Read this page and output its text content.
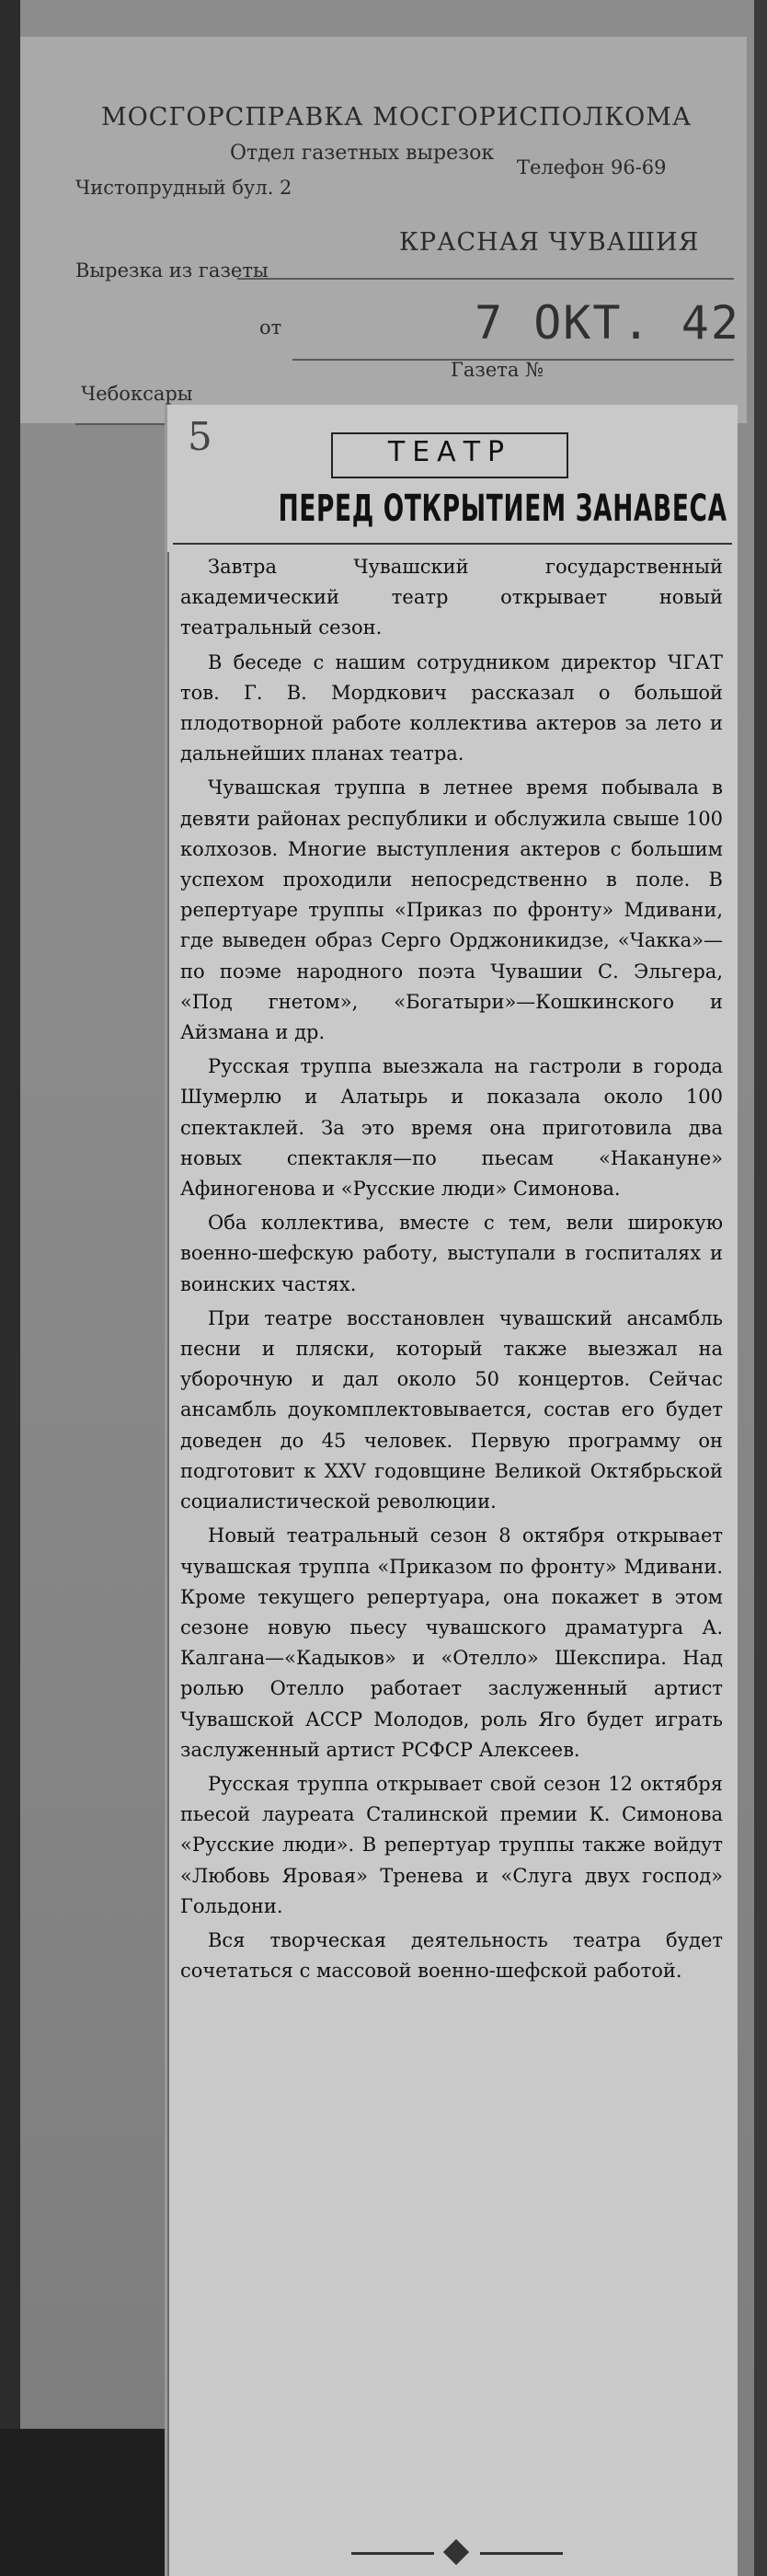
МОСГОРСПРАВКА МОСГОРИСПОЛКОМА
Отдел газетных вырезок
Телефон 96-69
Чистопрудный бул. 2
КРАСНАЯ ЧУВАШИЯ
Вырезка из газеты
7 ОКТ. 42
от
Газета №
Чебоксары
5	ТЕАТР
ПЕРЕД ОТКРЫТИЕМ ЗАНАВЕСА

Завтра Чувашский государственный академический театр открывает новый театральный сезон.

В беседе с нашим сотрудником директор ЧГАТ тов. Г. В. Мордкович рассказал о большой плодотворной работе коллектива актеров за лето и дальнейших планах театра.

Чувашская труппа в летнее время побывала в девяти районах республики и обслужила свыше 100 колхозов. Многие выступления актеров с большим успехом проходили непосредственно в поле. В репертуаре труппы «Приказ по фронту» Мдивани, где выведен образ Серго Орджоникидзе, «Чакка»—по поэме народного поэта Чувашии С. Эльгера, «Под гнетом», «Богатыри»—Кошкинского и Айзмана и др.

Русская труппа выезжала на гастроли в города Шумерлю и Алатырь и показала около 100 спектаклей. За это время она приготовила два новых спектакля—по пьесам «Накануне» Афиногенова и «Русские люди» Симонова.

Оба коллектива, вместе с тем, вели широкую военно-шефскую работу, выступали в госпиталях и воинских частях.

При театре восстановлен чувашский ансамбль песни и пляски, который также выезжал на уборочную и дал около 50 концертов. Сейчас ансамбль доукомплектовывается, состав его будет доведен до 45 человек. Первую программу он подготовит к XXV годовщине Великой Октябрьской социалистической революции.

Новый театральный сезон 8 октября открывает чувашская труппа «Приказом по фронту» Мдивани. Кроме текущего репертуара, она покажет в этом сезоне новую пьесу чувашского драматурга А. Калгана—«Кадыков» и «Отелло» Шекспира. Над ролью Отелло работает заслуженный артист Чувашской АССР Молодов, роль Яго будет играть заслуженный артист РСФСР Алексеев.

Русская труппа открывает свой сезон 12 октября пьесой лауреата Сталинской премии К. Симонова «Русские люди». В репертуар труппы также войдут «Любовь Яровая» Тренева и «Слуга двух господ» Гольдони.

Вся творческая деятельность театра будет сочетаться с массовой военно-шефской работой.
